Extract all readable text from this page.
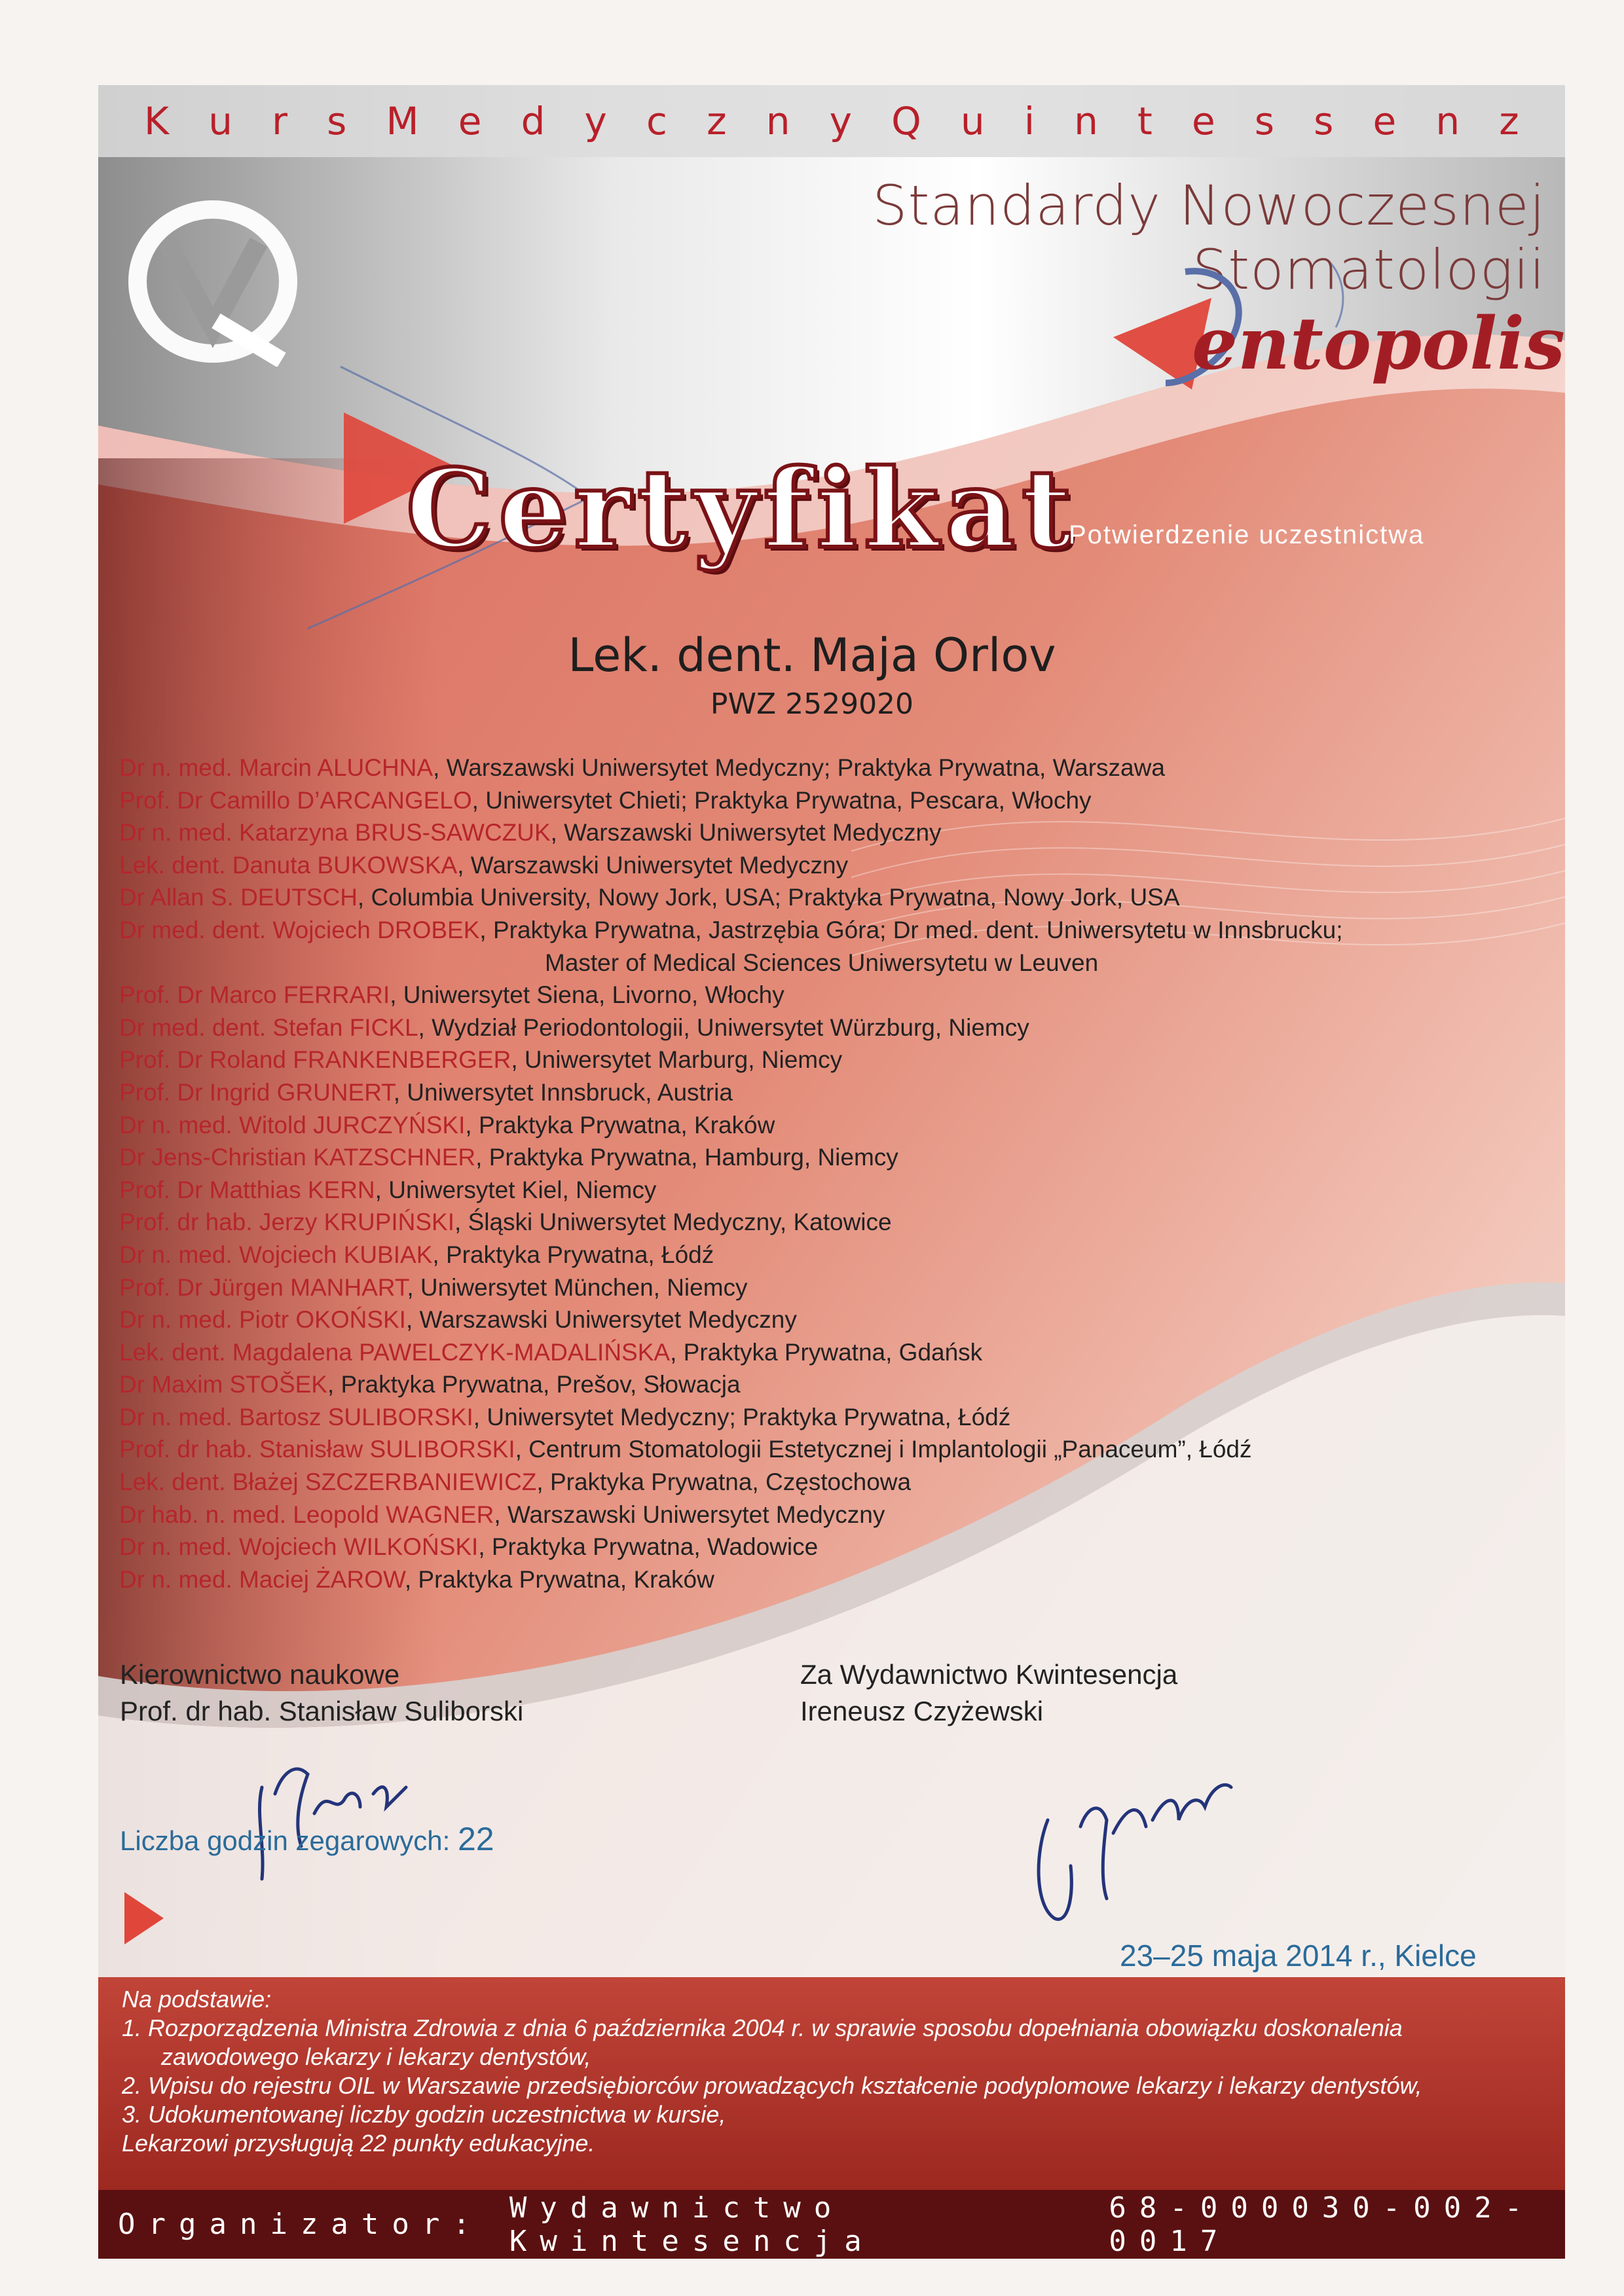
K u r s M e d y c z n y Q u i n t e s s e n z
Standardy Nowoczesnej Stomatologii
entopolis
Certyfikat
Potwierdzenie uczestnictwa
Lek. dent. Maja Orlov
PWZ 2529020
Dr n. med. Marcin ALUCHNA, Warszawski Uniwersytet Medyczny; Praktyka Prywatna, Warszawa
Prof. Dr Camillo D’ARCANGELO, Uniwersytet Chieti; Praktyka Prywatna, Pescara, Włochy
Dr n. med. Katarzyna BRUS-SAWCZUK, Warszawski Uniwersytet Medyczny
Lek. dent. Danuta BUKOWSKA, Warszawski Uniwersytet Medyczny
Dr Allan S. DEUTSCH, Columbia University, Nowy Jork, USA; Praktyka Prywatna, Nowy Jork, USA
Dr med. dent. Wojciech DROBEK, Praktyka Prywatna, Jastrzębia Góra; Dr med. dent. Uniwersytetu w Innsbrucku;
Master of Medical Sciences Uniwersytetu w Leuven
Prof. Dr Marco FERRARI, Uniwersytet Siena, Livorno, Włochy
Dr med. dent. Stefan FICKL, Wydział Periodontologii, Uniwersytet Würzburg, Niemcy
Prof. Dr Roland FRANKENBERGER, Uniwersytet Marburg, Niemcy
Prof. Dr Ingrid GRUNERT, Uniwersytet Innsbruck, Austria
Dr n. med. Witold JURCZYŃSKI, Praktyka Prywatna, Kraków
Dr Jens-Christian KATZSCHNER, Praktyka Prywatna, Hamburg, Niemcy
Prof. Dr Matthias KERN, Uniwersytet Kiel, Niemcy
Prof. dr hab. Jerzy KRUPIŃSKI, Śląski Uniwersytet Medyczny, Katowice
Dr n. med. Wojciech KUBIAK, Praktyka Prywatna, Łódź
Prof. Dr Jürgen MANHART, Uniwersytet München, Niemcy
Dr n. med. Piotr OKOŃSKI, Warszawski Uniwersytet Medyczny
Lek. dent. Magdalena PAWELCZYK-MADALIŃSKA, Praktyka Prywatna, Gdańsk
Dr Maxim STOŠEK, Praktyka Prywatna, Prešov, Słowacja
Dr n. med. Bartosz SULIBORSKI, Uniwersytet Medyczny; Praktyka Prywatna, Łódź
Prof. dr hab. Stanisław SULIBORSKI, Centrum Stomatologii Estetycznej i Implantologii „Panaceum”, Łódź
Lek. dent. Błażej SZCZERBANIEWICZ, Praktyka Prywatna, Częstochowa
Dr hab. n. med. Leopold WAGNER, Warszawski Uniwersytet Medyczny
Dr n. med. Wojciech WILKOŃSKI, Praktyka Prywatna, Wadowice
Dr n. med. Maciej ŻAROW, Praktyka Prywatna, Kraków
Kierownictwo naukowe
Prof. dr hab. Stanisław Suliborski
Za Wydawnictwo Kwintesencja
Ireneusz Czyżewski
Liczba godzin zegarowych: 22
23–25 maja 2014 r., Kielce
Na podstawie:
1. Rozporządzenia Ministra Zdrowia z dnia 6 października 2004 r. w sprawie sposobu dopełniania obowiązku doskonalenia
zawodowego lekarzy i lekarzy dentystów,
2. Wpisu do rejestru OIL w Warszawie przedsiębiorców prowadzących kształcenie podyplomowe lekarzy i lekarzy dentystów,
3. Udokumentowanej liczby godzin uczestnictwa w kursie,
Lekarzowi przysługują 22 punkty edukacyjne.
Organizator: Wydawnictwo Kwintesencja
68-000030-002-0017
